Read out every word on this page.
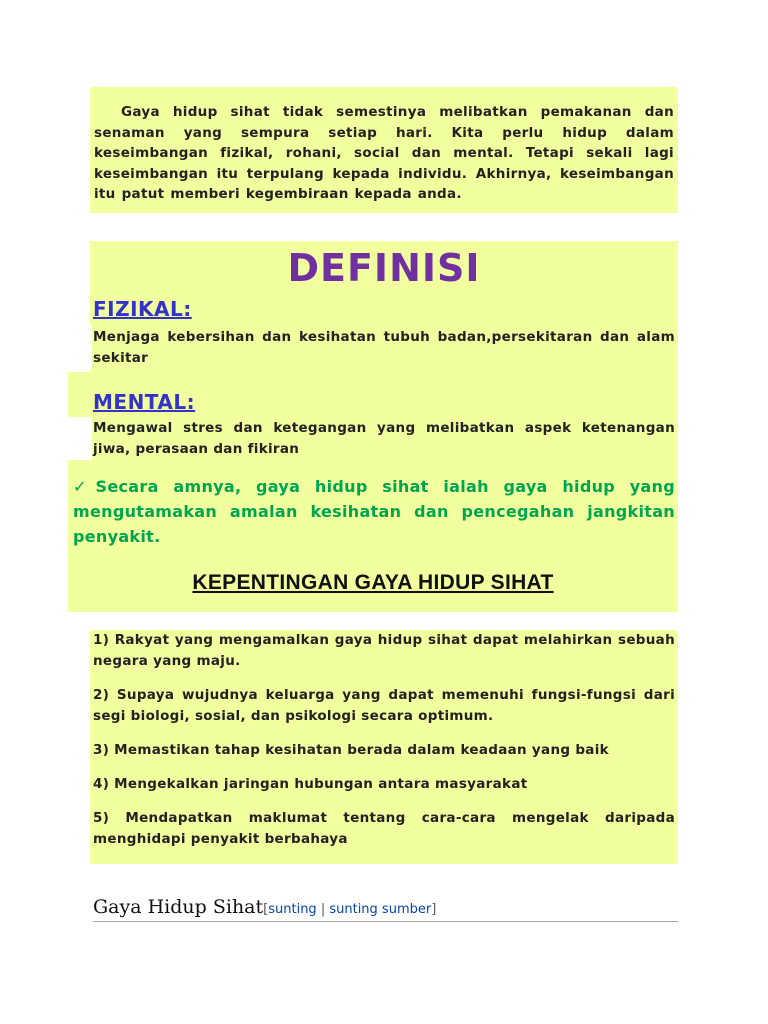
Gaya hidup sihat tidak semestinya melibatkan pemakanan dan senaman yang sempura setiap hari. Kita perlu hidup dalam keseimbangan fizikal, rohani, social dan mental. Tetapi sekali lagi keseimbangan itu terpulang kepada individu. Akhirnya, keseimbangan itu patut memberi kegembiraan kepada anda.

DEFINISI
FIZIKAL:
Menjaga kebersihan dan kesihatan tubuh badan,persekitaran dan alam sekitar
MENTAL:
Mengawal stres dan ketegangan yang melibatkan aspek ketenangan jiwa, perasaan dan fikiran
✓Secara amnya, gaya hidup sihat ialah gaya hidup yang mengutamakan amalan kesihatan dan pencegahan jangkitan penyakit.
KEPENTINGAN GAYA HIDUP SIHAT
1) Rakyat yang mengamalkan gaya hidup sihat dapat melahirkan sebuah negara yang maju.
2) Supaya wujudnya keluarga yang dapat memenuhi fungsi-fungsi dari segi biologi, sosial, dan psikologi secara optimum.
3) Memastikan tahap kesihatan berada dalam keadaan yang baik
4) Mengekalkan jaringan hubungan antara masyarakat
5) Mendapatkan maklumat tentang cara-cara mengelak daripada menghidapi penyakit berbahaya
Gaya Hidup Sihat[sunting | sunting sumber]
